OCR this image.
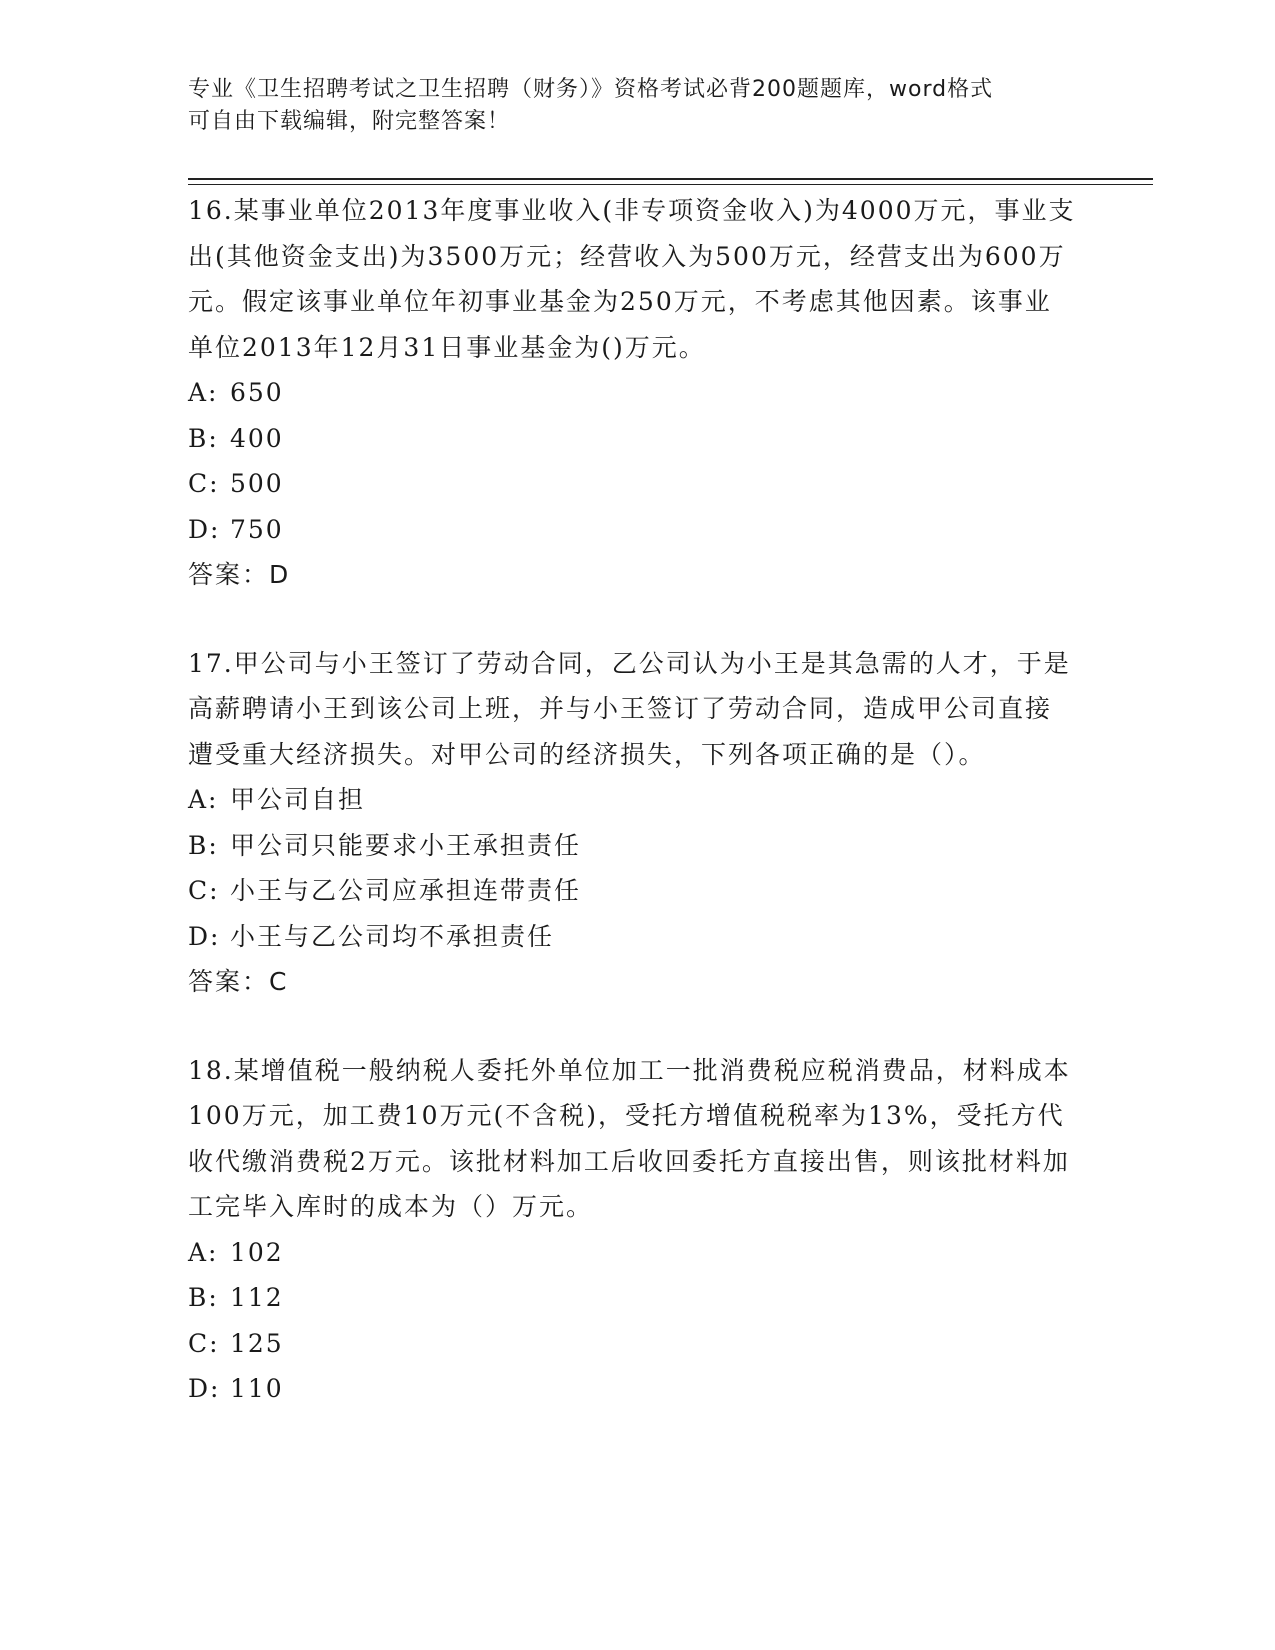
专业《卫生招聘考试之卫生招聘（财务）》资格考试必背200题题库，word格式
可自由下载编辑，附完整答案！

16.某事业单位2013年度事业收入(非专项资金收入)为4000万元，事业支出(其他资金支出)为3500万元；经营收入为500万元，经营支出为600万元。假定该事业单位年初事业基金为250万元，不考虑其他因素。该事业单位2013年12月31日事业基金为()万元。

A: 650
B: 400
C: 500
D: 750

答案：D

17.甲公司与小王签订了劳动合同，乙公司认为小王是其急需的人才，于是高薪聘请小王到该公司上班，并与小王签订了劳动合同，造成甲公司直接遭受重大经济损失。对甲公司的经济损失，下列各项正确的是（）。

A: 甲公司自担
B: 甲公司只能要求小王承担责任
C: 小王与乙公司应承担连带责任
D: 小王与乙公司均不承担责任

答案：C

18.某增值税一般纳税人委托外单位加工一批消费税应税消费品，材料成本100万元，加工费10万元(不含税)，受托方增值税税率为13%，受托方代收代缴消费税2万元。该批材料加工后收回委托方直接出售，则该批材料加工完毕入库时的成本为（）万元。

A: 102
B: 112
C: 125
D: 110
